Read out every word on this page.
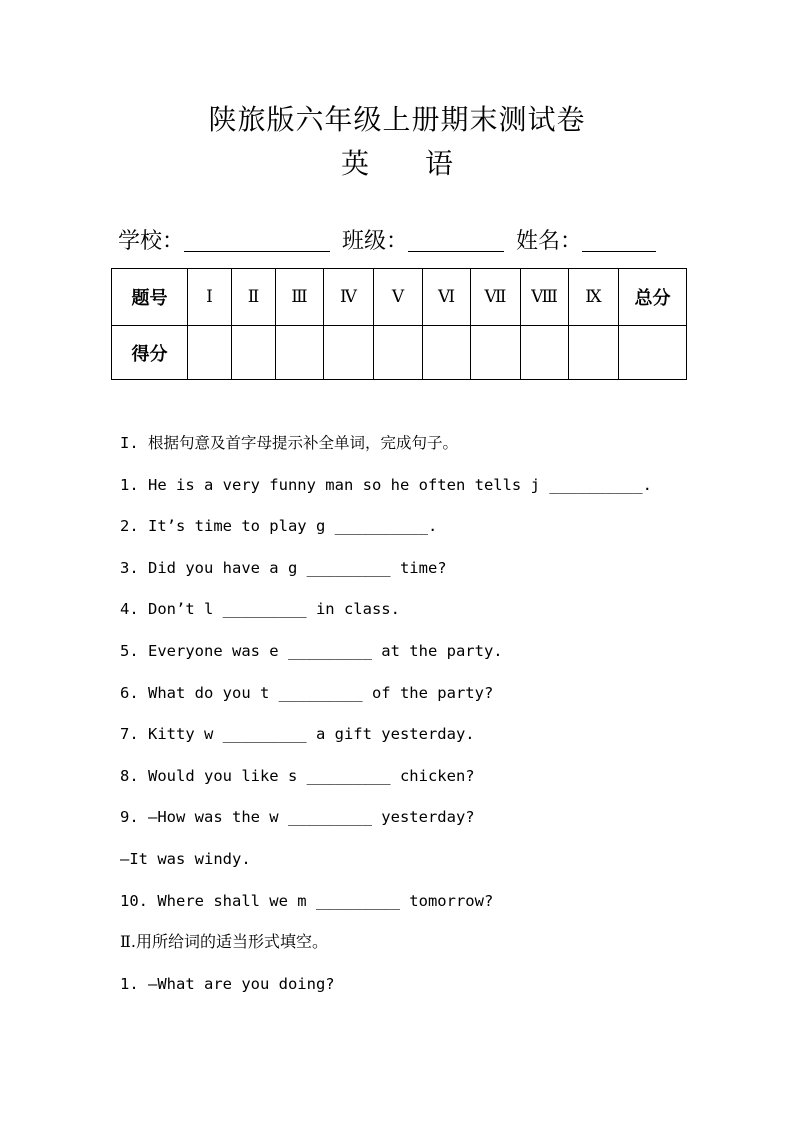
陕旅版六年级上册期末测试卷
英 语
学校：	班级：	姓名：
题号	Ⅰ	Ⅱ	Ⅲ	Ⅳ	Ⅴ	Ⅵ	Ⅶ	Ⅷ	Ⅸ	总分
得分										
I. 根据句意及首字母提示补全单词，完成句子。
1. He is a very funny man so he often tells j __________.
2. It’s time to play g __________.
3. Did you have a g _________ time?
4. Don’t l _________ in class.
5. Everyone was e _________ at the party.
6. What do you t _________ of the party?
7. Kitty w _________ a gift yesterday.
8. Would you like s _________ chicken?
9. —How was the w _________ yesterday?
—It was windy.
10. Where shall we m _________ tomorrow?
Ⅱ.用所给词的适当形式填空。
1. —What are you doing?
